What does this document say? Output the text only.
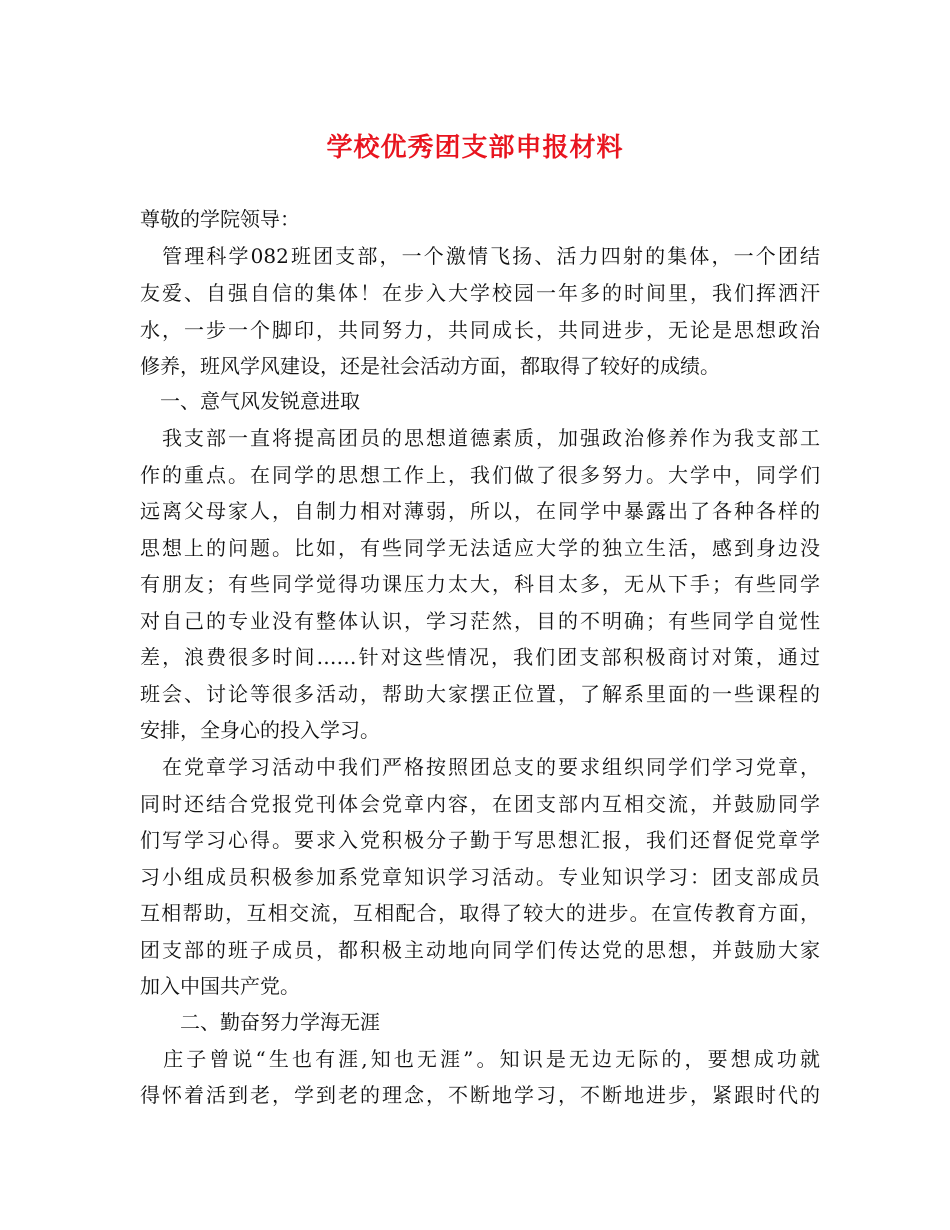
学校优秀团支部申报材料

尊敬的学院领导：

　管理科学082班团支部，一个激情飞扬、活力四射的集体，一个团结

友爱、自强自信的集体！在步入大学校园一年多的时间里，我们挥洒汗

水，一步一个脚印，共同努力，共同成长，共同进步，无论是思想政治

修养，班风学风建设，还是社会活动方面，都取得了较好的成绩。

　一、意气风发锐意进取

　我支部一直将提高团员的思想道德素质，加强政治修养作为我支部工

作的重点。在同学的思想工作上，我们做了很多努力。大学中，同学们

远离父母家人，自制力相对薄弱，所以，在同学中暴露出了各种各样的

思想上的问题。比如，有些同学无法适应大学的独立生活，感到身边没

有朋友；有些同学觉得功课压力太大，科目太多，无从下手；有些同学

对自己的专业没有整体认识，学习茫然，目的不明确；有些同学自觉性

差，浪费很多时间……针对这些情况，我们团支部积极商讨对策，通过

班会、讨论等很多活动，帮助大家摆正位置，了解系里面的一些课程的

安排，全身心的投入学习。

　在党章学习活动中我们严格按照团总支的要求组织同学们学习党章，

同时还结合党报党刊体会党章内容，在团支部内互相交流，并鼓励同学

们写学习心得。要求入党积极分子勤于写思想汇报，我们还督促党章学

习小组成员积极参加系党章知识学习活动。专业知识学习：团支部成员

互相帮助，互相交流，互相配合，取得了较大的进步。在宣传教育方面，

团支部的班子成员，都积极主动地向同学们传达党的思想，并鼓励大家

加入中国共产党。

　　二、勤奋努力学海无涯

　庄子曾说“生也有涯,知也无涯”。知识是无边无际的，要想成功就

得怀着活到老，学到老的理念，不断地学习，不断地进步，紧跟时代的
